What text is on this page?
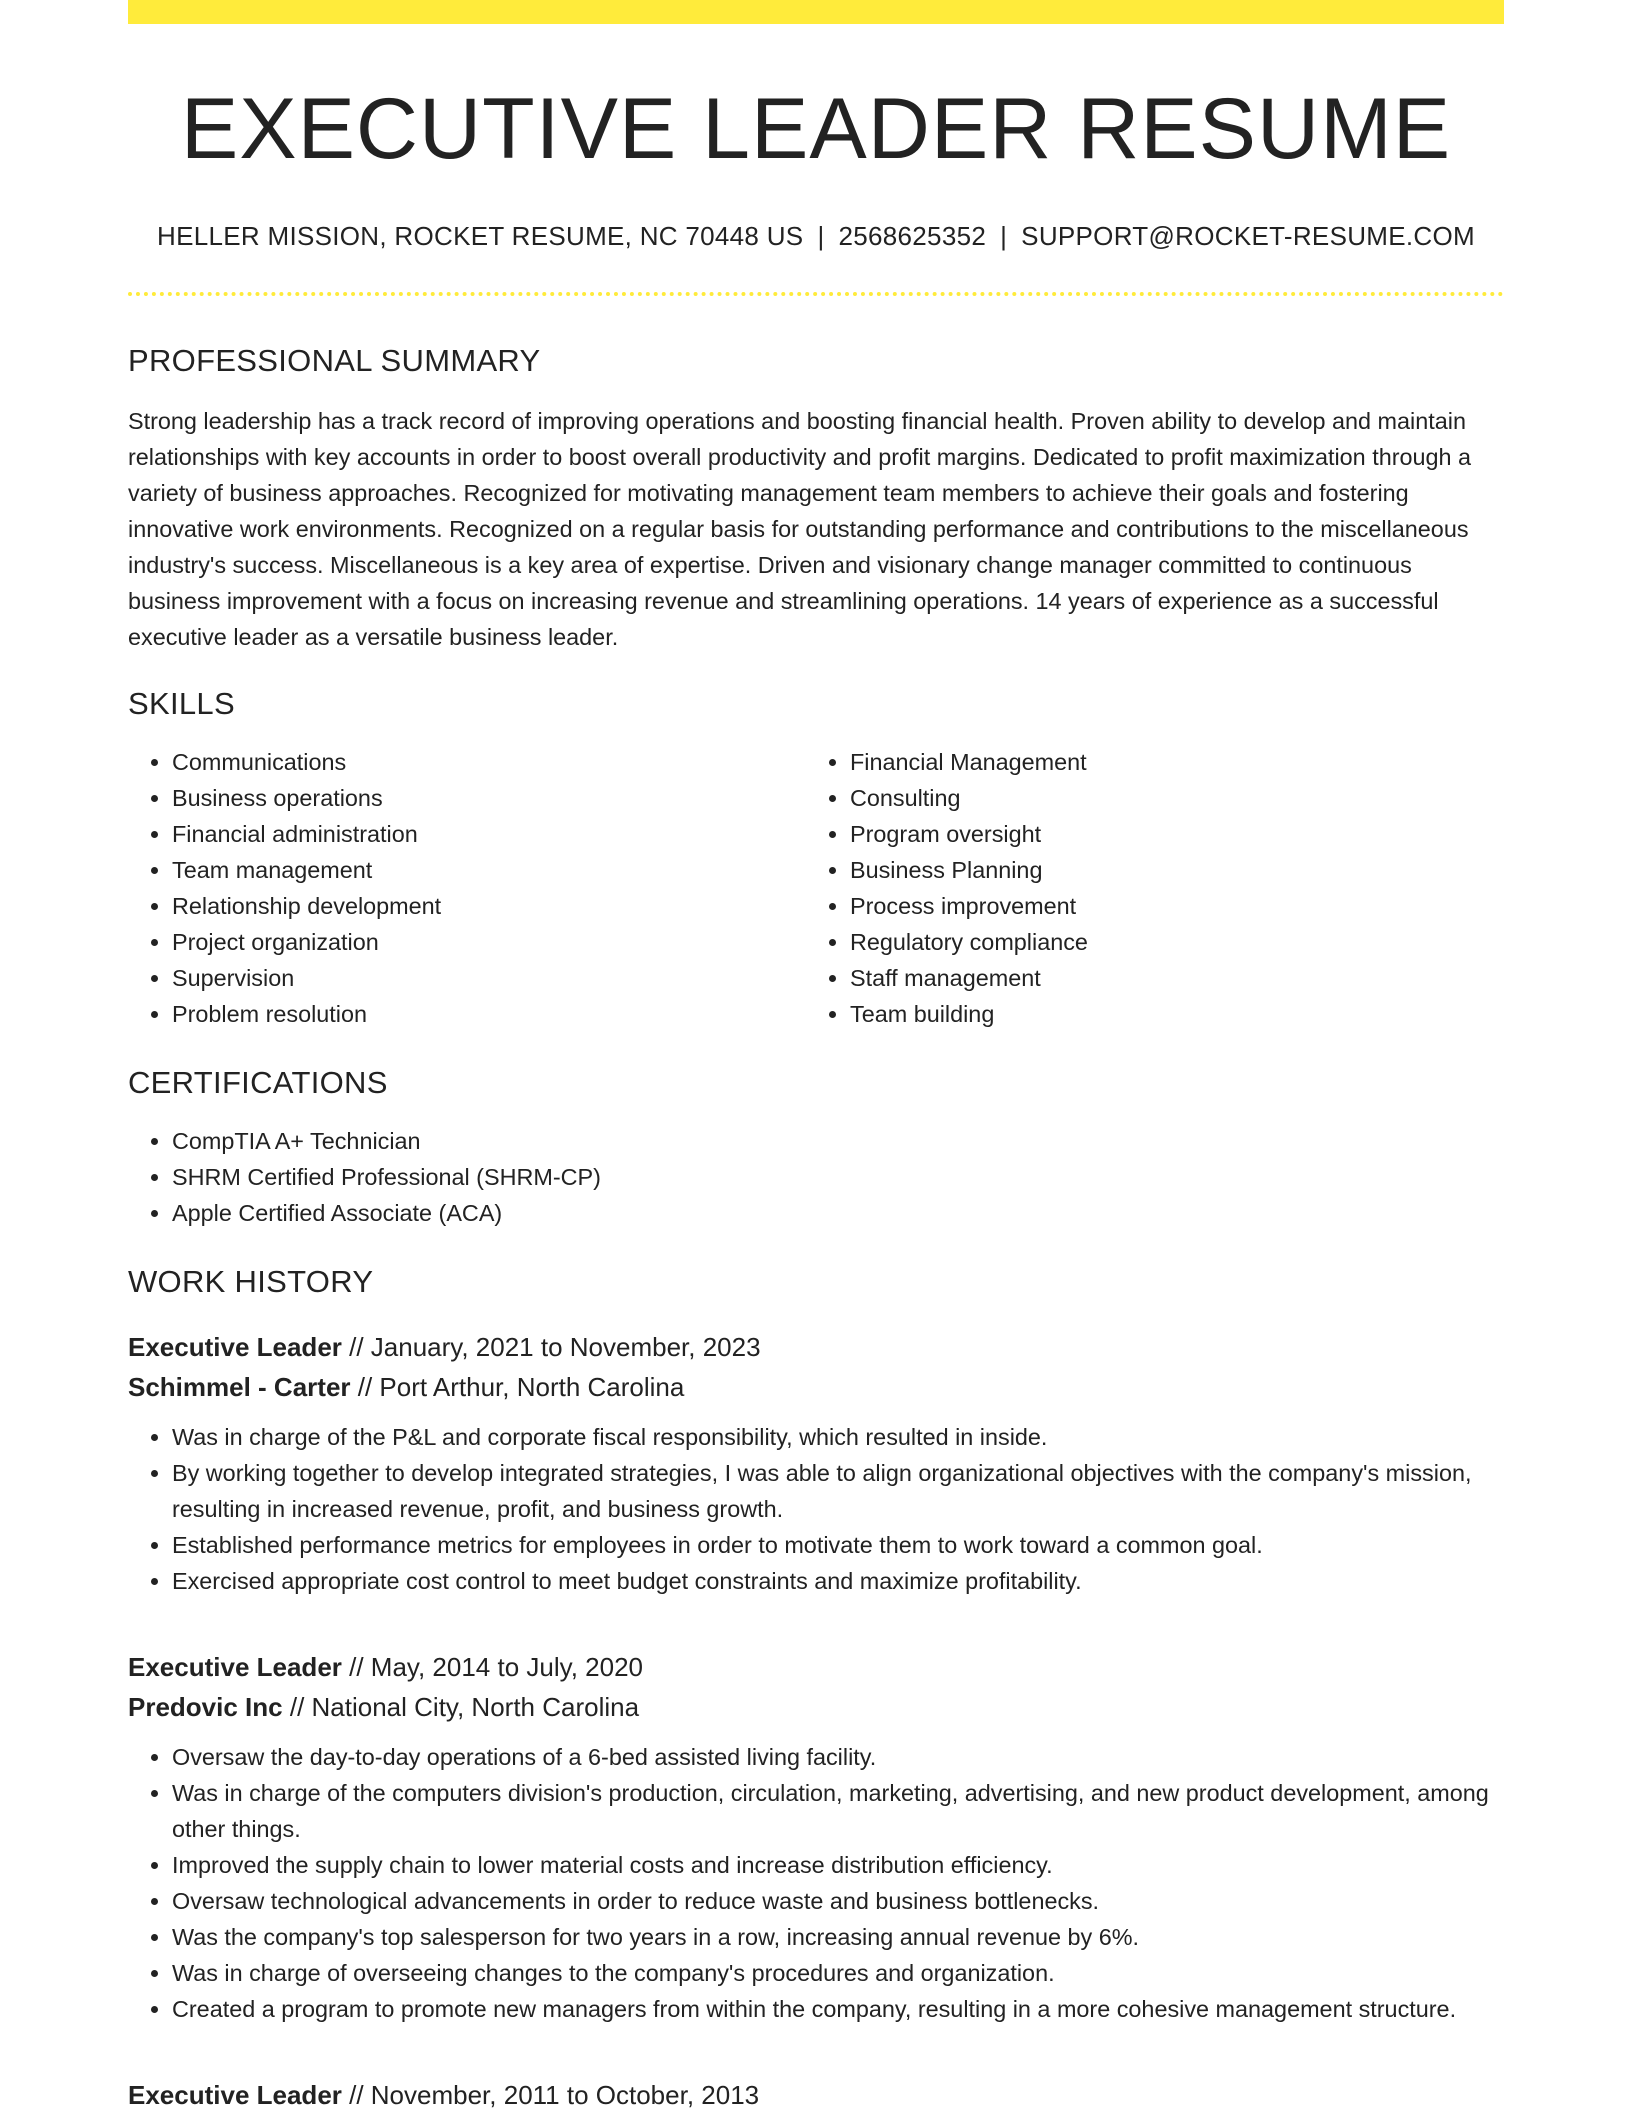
EXECUTIVE LEADER RESUME
HELLER MISSION, ROCKET RESUME, NC 70448 US | 2568625352 | SUPPORT@ROCKET-RESUME.COM
PROFESSIONAL SUMMARY

Strong leadership has a track record of improving operations and boosting financial health. Proven ability to develop and maintain relationships with key accounts in order to boost overall productivity and profit margins. Dedicated to profit maximization through a variety of business approaches. Recognized for motivating management team members to achieve their goals and fostering innovative work environments. Recognized on a regular basis for outstanding performance and contributions to the miscellaneous industry's success. Miscellaneous is a key area of expertise. Driven and visionary change manager committed to continuous business improvement with a focus on increasing revenue and streamlining operations. 14 years of experience as a successful executive leader as a versatile business leader.

SKILLS
• Communications
• Business operations
• Financial administration
• Team management
• Relationship development
• Project organization
• Supervision
• Problem resolution
• Financial Management
• Consulting
• Program oversight
• Business Planning
• Process improvement
• Regulatory compliance
• Staff management
• Team building
CERTIFICATIONS
• CompTIA A+ Technician
• SHRM Certified Professional (SHRM-CP)
• Apple Certified Associate (ACA)
WORK HISTORY
Executive Leader // January, 2021 to November, 2023
Schimmel - Carter // Port Arthur, North Carolina
• Was in charge of the P&L and corporate fiscal responsibility, which resulted in inside.
• By working together to develop integrated strategies, I was able to align organizational objectives with the company's mission, resulting in increased revenue, profit, and business growth.
• Established performance metrics for employees in order to motivate them to work toward a common goal.
• Exercised appropriate cost control to meet budget constraints and maximize profitability.
Executive Leader // May, 2014 to July, 2020
Predovic Inc // National City, North Carolina
• Oversaw the day-to-day operations of a 6-bed assisted living facility.
• Was in charge of the computers division's production, circulation, marketing, advertising, and new product development, among other things.
• Improved the supply chain to lower material costs and increase distribution efficiency.
• Oversaw technological advancements in order to reduce waste and business bottlenecks.
• Was the company's top salesperson for two years in a row, increasing annual revenue by 6%.
• Was in charge of overseeing changes to the company's procedures and organization.
• Created a program to promote new managers from within the company, resulting in a more cohesive management structure.
Executive Leader // November, 2011 to October, 2013
